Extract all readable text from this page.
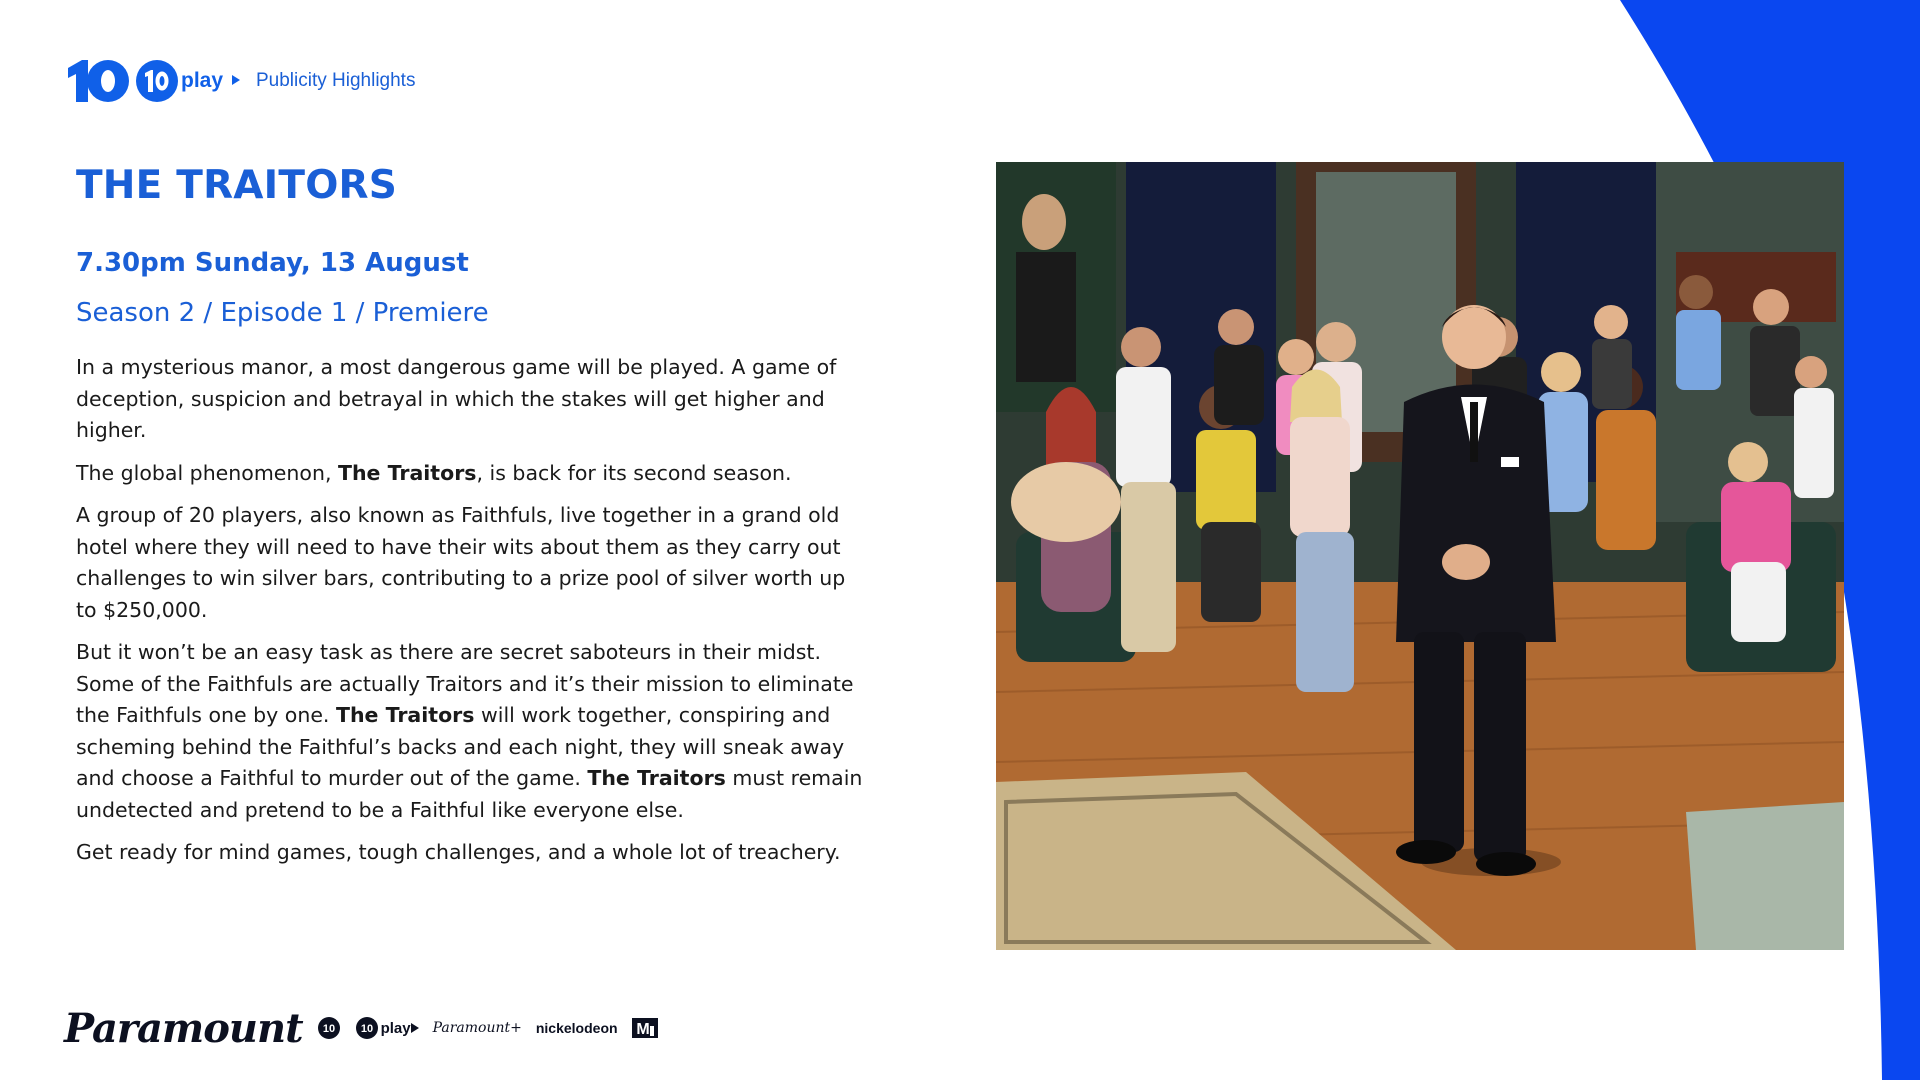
play Publicity Highlights
THE TRAITORS
7.30pm Sunday, 13 August
Season 2 / Episode 1 / Premiere

In a mysterious manor, a most dangerous game will be played. A game of deception, suspicion and betrayal in which the stakes will get higher and higher.

The global phenomenon, The Traitors, is back for its second season.

A group of 20 players, also known as Faithfuls, live together in a grand old hotel where they will need to have their wits about them as they carry out challenges to win silver bars, contributing to a prize pool of silver worth up to $250,000.

But it won’t be an easy task as there are secret saboteurs in their midst. Some of the Faithfuls are actually Traitors and it’s their mission to eliminate the Faithfuls one by one. The Traitors will work together, conspiring and scheming behind the Faithful’s backs and each night, they will sneak away and choose a Faithful to murder out of the game. The Traitors must remain undetected and pretend to be a Faithful like everyone else.

Get ready for mind games, tough challenges, and a whole lot of treachery.

Paramount 10 10 play Paramount+ nickelodeon M
